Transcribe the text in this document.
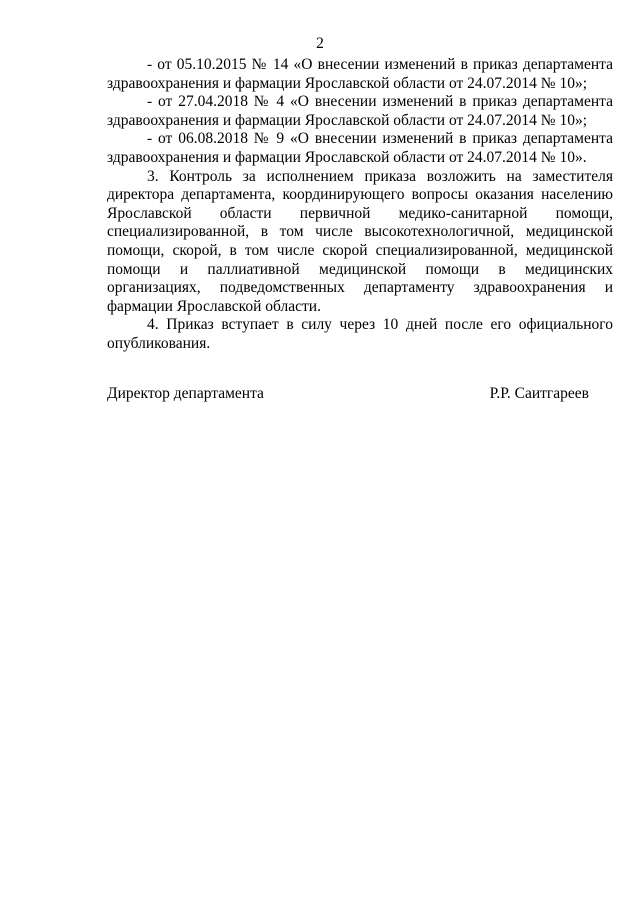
2

- от 05.10.2015 № 14 «О внесении изменений в приказ департамента здравоохранения и фармации Ярославской области от 24.07.2014 № 10»;

- от 27.04.2018 № 4 «О внесении изменений в приказ департамента здравоохранения и фармации Ярославской области от 24.07.2014 № 10»;

- от 06.08.2018 № 9 «О внесении изменений в приказ департамента здравоохранения и фармации Ярославской области от 24.07.2014 № 10».

3. Контроль за исполнением приказа возложить на заместителя директора департамента, координирующего вопросы оказания населению Ярославской области первичной медико-санитарной помощи, специализированной, в том числе высокотехнологичной, медицинской помощи, скорой, в том числе скорой специализированной, медицинской помощи и паллиативной медицинской помощи в медицинских организациях, подведомственных департаменту здравоохранения и фармации Ярославской области.

4. Приказ вступает в силу через 10 дней после его официального опубликования.

Директор департамента	Р.Р. Саитгареев
